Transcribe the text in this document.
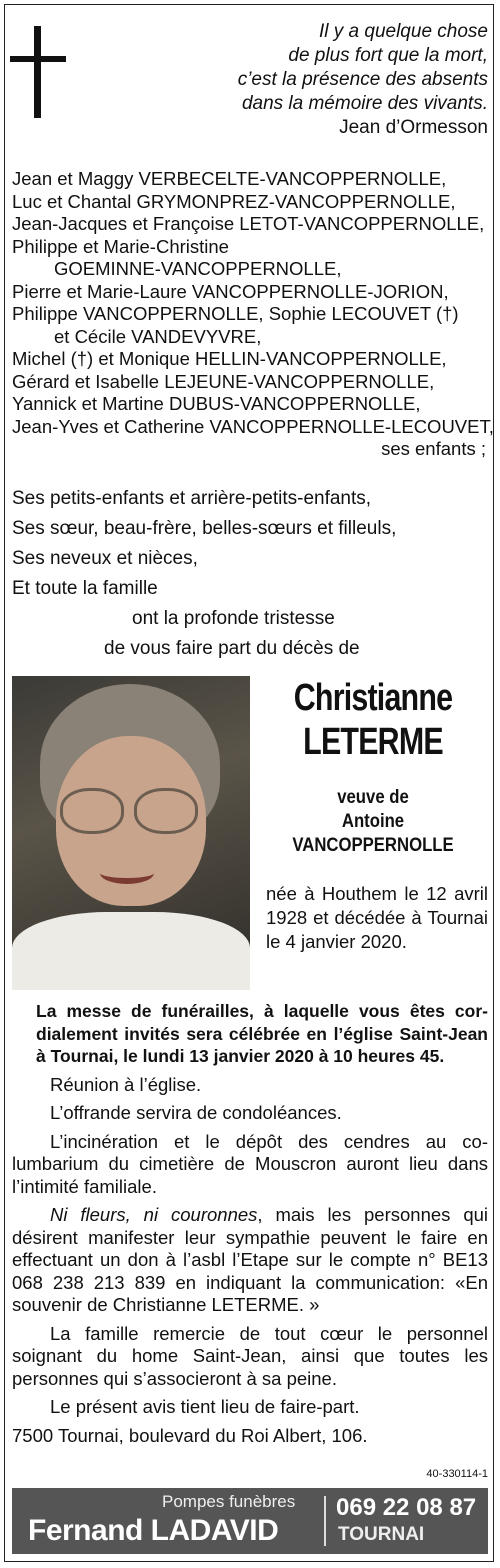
Il y a quelque chose
de plus fort que la mort,
c’est la présence des absents
dans la mémoire des vivants.
Jean d’Ormesson
Jean et Maggy VERBECELTE-VANCOPPERNOLLE,
Luc et Chantal GRYMONPREZ-VANCOPPERNOLLE,
Jean-Jacques et Françoise LETOT-VANCOPPERNOLLE,
Philippe et Marie-Christine
GOEMINNE-VANCOPPERNOLLE,
Pierre et Marie-Laure VANCOPPERNOLLE-JORION,
Philippe VANCOPPERNOLLE, Sophie LECOUVET (†)
et Cécile VANDEVYVRE,
Michel (†) et Monique HELLIN-VANCOPPERNOLLE,
Gérard et Isabelle LEJEUNE-VANCOPPERNOLLE,
Yannick et Martine DUBUS-VANCOPPERNOLLE,
Jean-Yves et Catherine VANCOPPERNOLLE-LECOUVET,
ses enfants ;
Ses petits-enfants et arrière-petits-enfants,
Ses sœur, beau-frère, belles-sœurs et filleuls,
Ses neveux et nièces,
Et toute la famille
ont la profonde tristesse
de vous faire part du décès de
Christianne
LETERME
veuve de
Antoine
VANCOPPERNOLLE
née à Houthem le 12 avril 1928 et décédée à Tournai le 4 janvier 2020.

La messe de funérailles, à laquelle vous êtes cordialement invités sera célébrée en l’église Saint-Jean à Tournai, le lundi 13 janvier 2020 à 10 heures 45.

Réunion à l’église.

L’offrande servira de condoléances.

L’incinération et le dépôt des cendres au columbarium du cimetière de Mouscron auront lieu dans l’intimité familiale.

Ni fleurs, ni couronnes, mais les personnes qui désirent manifester leur sympathie peuvent le faire en effectuant un don à l’asbl l’Etape sur le compte n° BE13 068 238 213 839 en indiquant la communication: «En souvenir de Christianne LETERME. »

La famille remercie de tout cœur le personnel soignant du home Saint-Jean, ainsi que toutes les personnes qui s’associeront à sa peine.

Le présent avis tient lieu de faire-part.

7500 Tournai, boulevard du Roi Albert, 106.

40-330114-1
Pompes funèbres
Fernand LADAVID
069 22 08 87
TOURNAI
